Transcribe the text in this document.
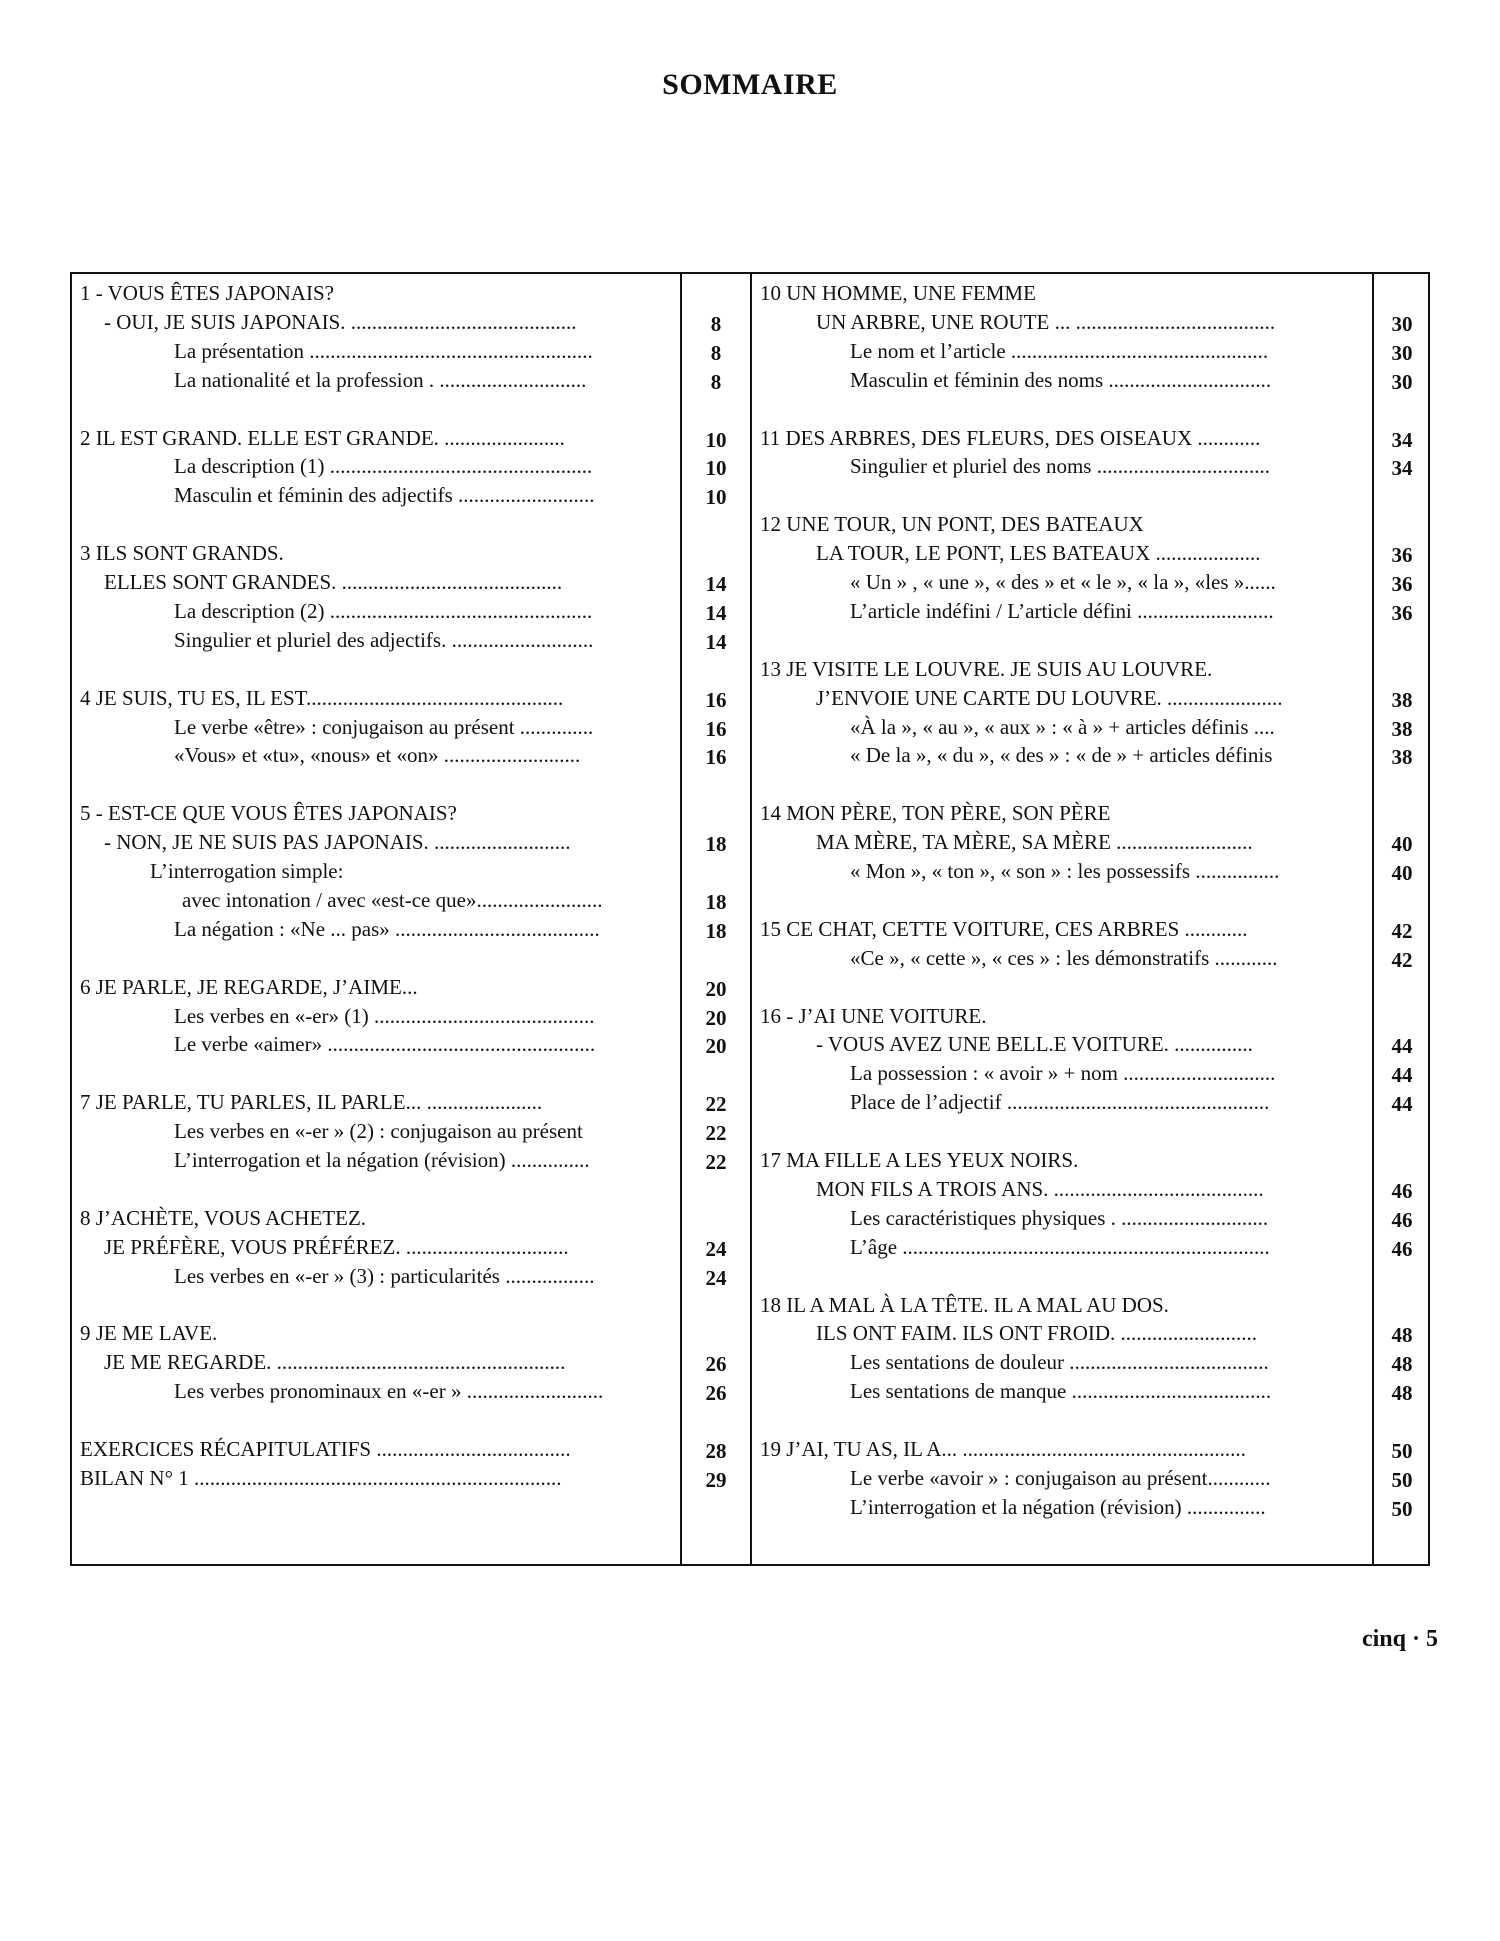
SOMMAIRE
1 - VOUS ÊTES JAPONAIS?
- OUI, JE SUIS JAPONAIS. ...........................................	8
La présentation ......................................................	8
La nationalité et la profession . ............................	8
2 IL EST GRAND. ELLE EST GRANDE. .......................	10
La description (1) ..................................................	10
Masculin et féminin des adjectifs ..........................	10
3 ILS SONT GRANDS.
ELLES SONT GRANDES. ..........................................	14
La description (2) ..................................................	14
Singulier et pluriel des adjectifs. ...........................	14
4 JE SUIS, TU ES, IL EST.................................................	16
Le verbe «être» : conjugaison au présent ..............	16
«Vous» et «tu», «nous» et «on» ..........................	16
5 - EST-CE QUE VOUS ÊTES JAPONAIS?
- NON, JE NE SUIS PAS JAPONAIS. ..........................	18
L’interrogation simple:
avec intonation / avec «est-ce que»........................	18
La négation : «Ne ... pas» .......................................	18
6 JE PARLE, JE REGARDE, J’AIME...	20
Les verbes en «-er» (1) ..........................................	20
Le verbe «aimer» ...................................................	20
7 JE PARLE, TU PARLES, IL PARLE... ......................	22
Les verbes en «-er » (2) : conjugaison au présent	22
L’interrogation et la négation (révision) ...............	22
8 J’ACHÈTE, VOUS ACHETEZ.
JE PRÉFÈRE, VOUS PRÉFÉREZ. ...............................	24
Les verbes en «-er » (3) : particularités .................	24
9 JE ME LAVE.
JE ME REGARDE. .......................................................	26
Les verbes pronominaux en «-er » ..........................	26
EXERCICES RÉCAPITULATIFS .....................................	28
BILAN N° 1 ......................................................................	29
10 UN HOMME, UNE FEMME
UN ARBRE, UNE ROUTE ... ......................................	30
Le nom et l’article .................................................	30
Masculin et féminin des noms ...............................	30
11 DES ARBRES, DES FLEURS, DES OISEAUX ............	34
Singulier et pluriel des noms .................................	34
12 UNE TOUR, UN PONT, DES BATEAUX
LA TOUR, LE PONT, LES BATEAUX ....................	36
« Un » , « une », « des » et « le », « la », «les »......	36
L’article indéfini / L’article défini ..........................	36
13 JE VISITE LE LOUVRE. JE SUIS AU LOUVRE.
J’ENVOIE UNE CARTE DU LOUVRE. ......................	38
«À la », « au », « aux » : « à » + articles définis ....	38
« De la », « du », « des » : « de » + articles définis	38
14 MON PÈRE, TON PÈRE, SON PÈRE
MA MÈRE, TA MÈRE, SA MÈRE ..........................	40
« Mon », « ton », « son » : les possessifs ................	40
15 CE CHAT, CETTE VOITURE, CES ARBRES ............	42
«Ce », « cette », « ces » : les démonstratifs ............	42
16 - J’AI UNE VOITURE.
- VOUS AVEZ UNE BELL.E VOITURE. ...............	44
La possession : « avoir » + nom .............................	44
Place de l’adjectif ..................................................	44
17 MA FILLE A LES YEUX NOIRS.
MON FILS A TROIS ANS. ........................................	46
Les caractéristiques physiques . ............................	46
L’âge ......................................................................	46
18 IL A MAL À LA TÊTE. IL A MAL AU DOS.
ILS ONT FAIM. ILS ONT FROID. ..........................	48
Les sentations de douleur ......................................	48
Les sentations de manque ......................................	48
19 J’AI, TU AS, IL A... ......................................................	50
Le verbe «avoir » : conjugaison au présent............	50
L’interrogation et la négation (révision) ...............	50
cinq · 5
